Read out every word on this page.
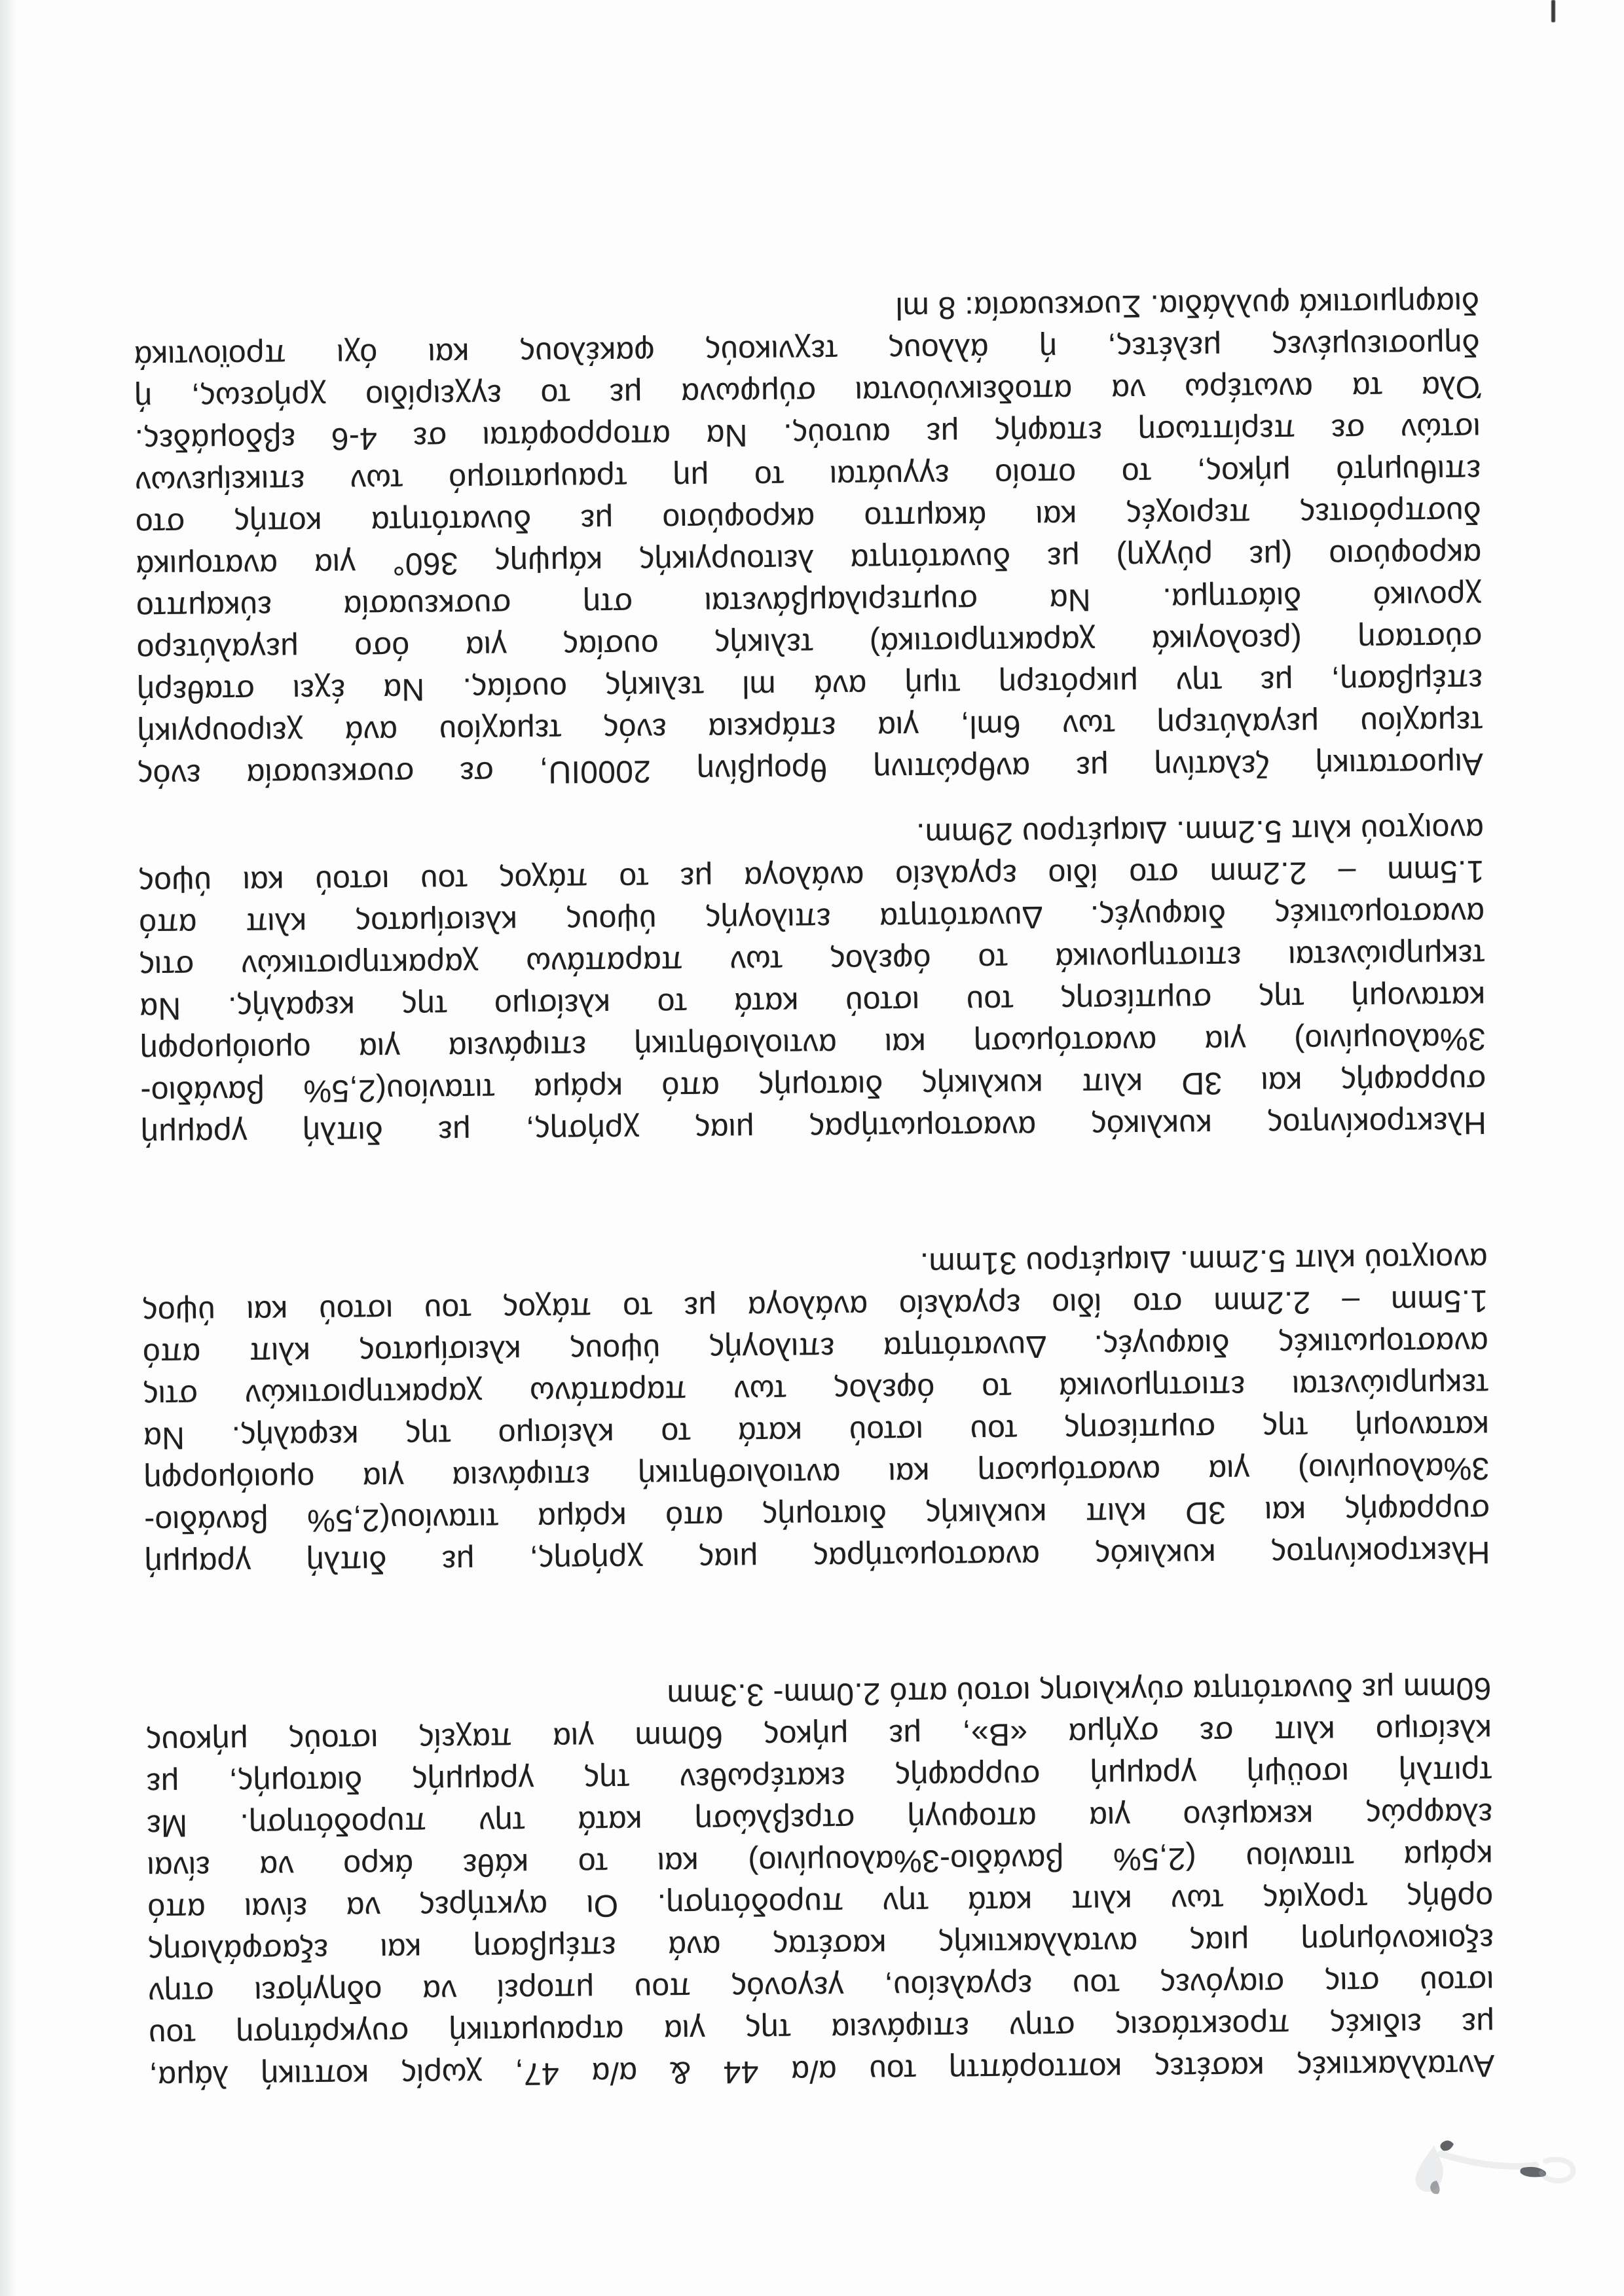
Ανταλλακτικές κασέτες κοπτοράπτη του α/α 44 & α/α 47, χωρίς κοπτική λάμα,
με ειδικές προεκτάσεις στην επιφάνεια της για ατραυματική συγκράτηση του
ιστού στις σιαγόνες του εργαλείου, γεγονός που μπορεί να οδηγήσει στην
εξοικονόμηση μιας ανταλλακτικής κασέτας ανά επέμβαση και εξασφάλισης
ορθής τροχιάς των κλιπ κατά την πυροδότηση. Οι αγκτήρες να είναι από
κράμα τιτανίου (2,5% βανάδιο-3%αλουμίνιο) και το κάθε άκρο να είναι
ελαφρώς κεκαμένο για αποφυγή στρεβλώση κατά την πυροδότηση. Με
τριπλή ισοϋψή γραμμή συρραφής εκατέρωθεν της γραμμής διατομής, με
κλείσιμο κλιπ σε σχήμα «Β», με μήκος 60mm για παχείς ιστούς μήκους
60mm με δυνατότητα σύγκλισης ιστού από 2.0mm- 3.3mm
Ηλεκτροκίνητος κυκλικός αναστομωτήρας μιας χρήσης, με διπλή γραμμή
συρραφής και 3D κλιπ κυκλικής διατομής από κράμα τιτανίου(2,5% βανάδιο-
3%αλουμίνιο) για αναστόμωση και αντιολισθητική επιφάνεια για ομοιόμορφη
κατανομή της συμπίεσης του ιστού κατά το κλείσιμο της κεφαλής. Να
τεκμηριώνεται επιστημονικά το όφελος των παραπάνω χαρακτηριστικών στις
αναστομωτικές διαφυγές. Δυνατότητα επιλογής ύψους κλεισίματος κλιπ από
1.5mm – 2.2mm στο ίδιο εργαλείο ανάλογα με το πάχος του ιστού και ύψος
ανοιχτού κλιπ 5.2mm. Διαμέτρου 31mm.
Ηλεκτροκίνητος κυκλικός αναστομωτήρας μιας χρήσης, με διπλή γραμμή
συρραφής και 3D κλιπ κυκλικής διατομής από κράμα τιτανίου(2,5% βανάδιο-
3%αλουμίνιο) για αναστόμωση και αντιολισθητική επιφάνεια για ομοιόμορφη
κατανομή της συμπίεσης του ιστού κατά το κλείσιμο της κεφαλής. Να
τεκμηριώνεται επιστημονικά το όφελος των παραπάνω χαρακτηριστικών στις
αναστομωτικές διαφυγές. Δυνατότητα επιλογής ύψους κλεισίματος κλιπ από
1.5mm – 2.2mm στο ίδιο εργαλείο ανάλογα με το πάχος του ιστού και ύψος
ανοιχτού κλιπ 5.2mm. Διαμέτρου 29mm.
Αιμοστατική ζελατίνη με ανθρώπινη θρομβίνη 2000IU, σε συσκευασία ενός
τεμαχίου μεγαλύτερη των 6ml, για επάρκεια ενός τεμαχίου ανά χειρουργική
επέμβαση, με την μικρότερη τιμή ανά ml τελικής ουσίας. Να έχει σταθερή
σύσταση (ρεολογικά χαρακτηριστικά) τελικής ουσίας για όσο μεγαλύτερο
χρονικό διάστημα. Να συμπεριλαμβάνεται στη συσκευασία εύκαμπτο
ακροφύσιο (με ρύγχη) με δυνατότητα λειτουργικής κάμψης 360° για ανατομικά
δυσπρόσιτες περιοχές και άκαμπτο ακροφύσιο με δυνατότητα κοπής στο
επιθυμητό μήκος, το οποίο εγγυάται το μη τραυματισμό των επικείμενων
ιστών σε περίπτωση επαφής με αυτούς. Να απορροφάται σε 4-6 εβδομάδες.
Όλα τα ανωτέρω να αποδεικνύονται σύμφωνα με το εγχειρίδιο χρήσεως, ή
δημοσιευμένες μελέτες, ή άλλους τεχνικούς φακέλους και όχι προϊοντικά
διαφημιστικά φυλλάδια. Συσκευασία: 8 ml
